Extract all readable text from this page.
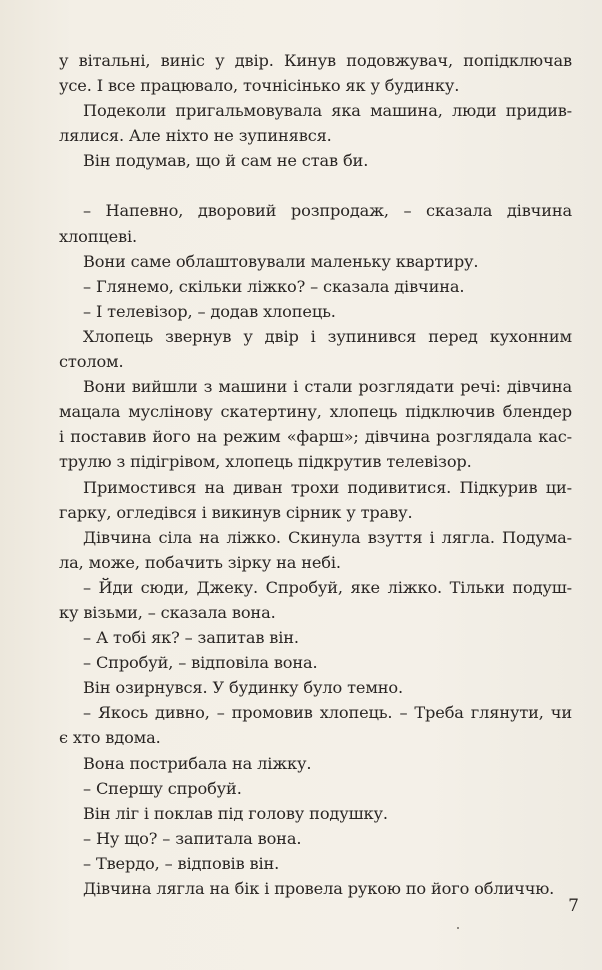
у вітальні, виніс у двір. Кинув подовжувач, попідключав
усе. І все працювало, точнісінько як у будинку.

Подеколи пригальмовувала яка машина, люди придив-

лялися. Але ніхто не зупинявся.

Він подумав, що й сам не став би.

– Напевно, дворовий розпродаж, – сказала дівчина

хлопцеві.

Вони саме облаштовували маленьку квартиру.

– Глянемо, скільки ліжко? – сказала дівчина.

– І телевізор, – додав хлопець.

Хлопець звернув у двір і зупинився перед кухонним

столом.

Вони вийшли з машини і стали розглядати речі: дівчина

мацала муслінову скатертину, хлопець підключив блендер
і поставив його на режим «фарш»; дівчина розглядала кас-
трулю з підігрівом, хлопець підкрутив телевізор.

Примостився на диван трохи подивитися. Підкурив ци-

гарку, огледівся і викинув сірник у траву.

Дівчина сіла на ліжко. Скинула взуття і лягла. Подума-

ла, може, побачить зірку на небі.

– Йди сюди, Джеку. Спробуй, яке ліжко. Тільки подуш-

ку візьми, – сказала вона.

– А тобі як? – запитав він.

– Спробуй, – відповіла вона.

Він озирнувся. У будинку було темно.

– Якось дивно, – промовив хлопець. – Треба глянути, чи

є хто вдома.

Вона пострибала на ліжку.

– Спершу спробуй.

Він ліг і поклав під голову подушку.

– Ну що? – запитала вона.

– Твердо, – відповів він.

Дівчина лягла на бік і провела рукою по його обличчю.

7
